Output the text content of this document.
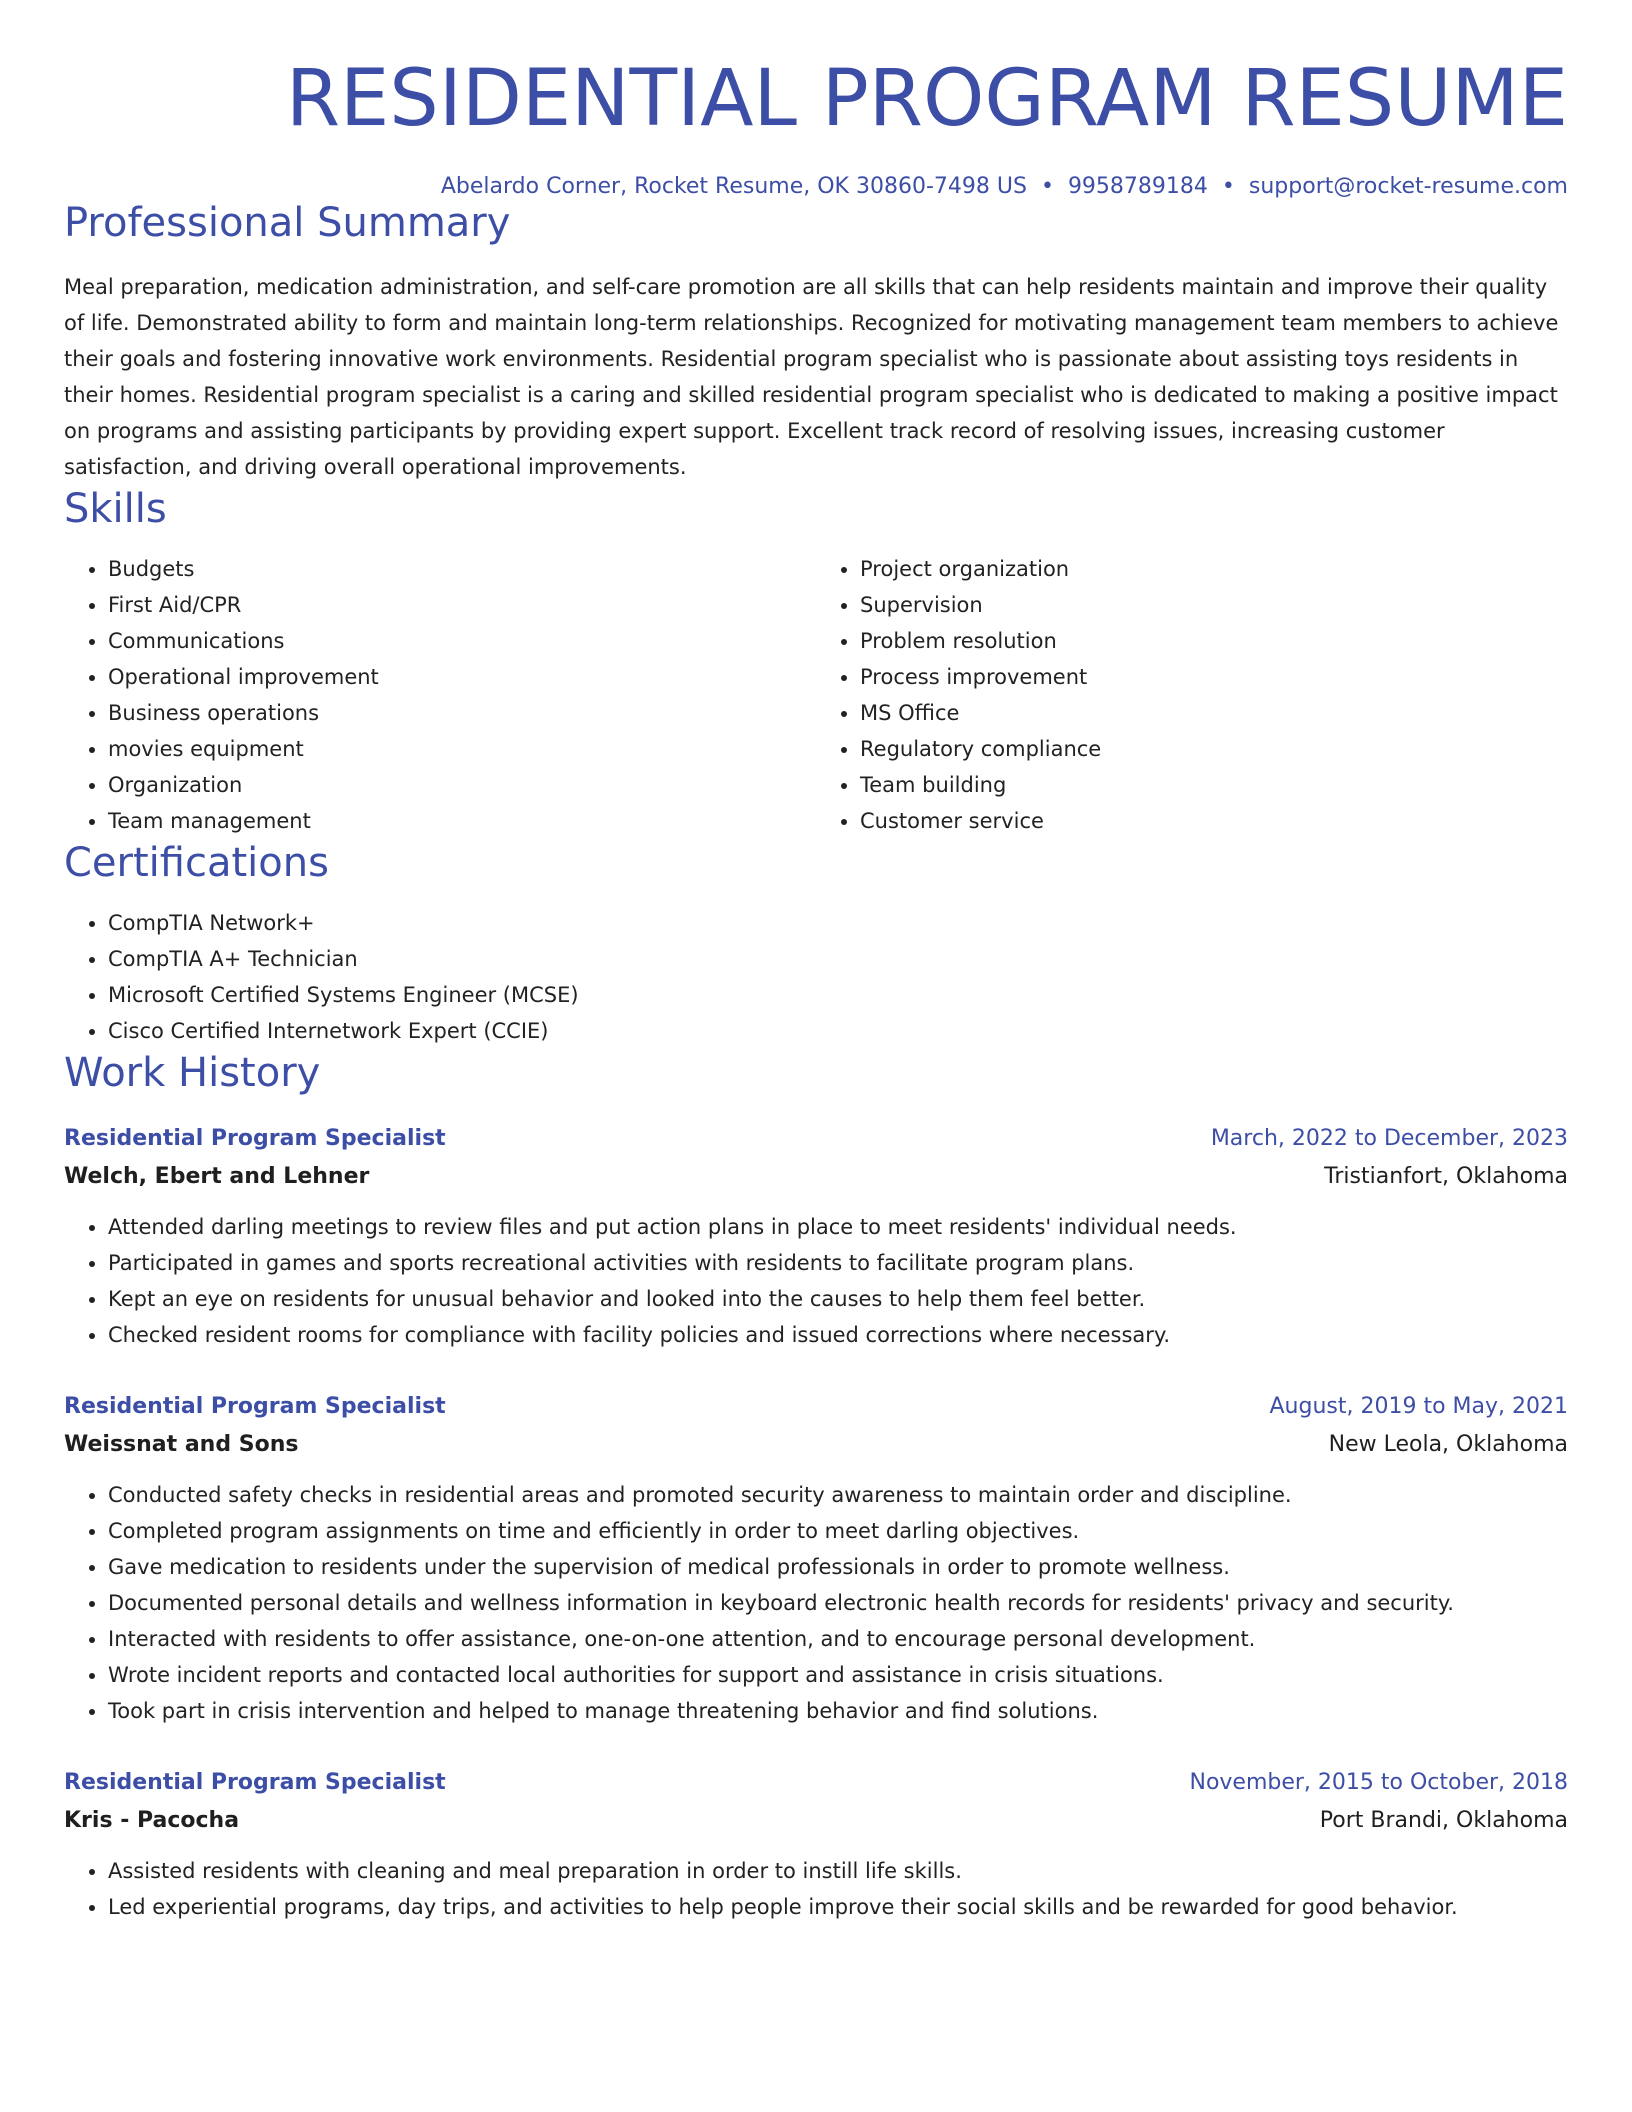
RESIDENTIAL PROGRAM RESUME
Abelardo Corner, Rocket Resume, OK 30860-7498 US • 9958789184 • support@rocket-resume.com
Professional Summary

Meal preparation, medication administration, and self-care promotion are all skills that can help residents maintain and improve their quality of life. Demonstrated ability to form and maintain long-term relationships. Recognized for motivating management team members to achieve their goals and fostering innovative work environments. Residential program specialist who is passionate about assisting toys residents in their homes. Residential program specialist is a caring and skilled residential program specialist who is dedicated to making a positive impact on programs and assisting participants by providing expert support. Excellent track record of resolving issues, increasing customer satisfaction, and driving overall operational improvements.

Skills
• Budgets
• First Aid/CPR
• Communications
• Operational improvement
• Business operations
• movies equipment
• Organization
• Team management
• Project organization
• Supervision
• Problem resolution
• Process improvement
• MS Office
• Regulatory compliance
• Team building
• Customer service
Certifications
• CompTIA Network+
• CompTIA A+ Technician
• Microsoft Certified Systems Engineer (MCSE)
• Cisco Certified Internetwork Expert (CCIE)
Work History
Residential Program Specialist	March, 2022 to December, 2023
Welch, Ebert and Lehner	Tristianfort, Oklahoma
• Attended darling meetings to review files and put action plans in place to meet residents' individual needs.
• Participated in games and sports recreational activities with residents to facilitate program plans.
• Kept an eye on residents for unusual behavior and looked into the causes to help them feel better.
• Checked resident rooms for compliance with facility policies and issued corrections where necessary.
Residential Program Specialist	August, 2019 to May, 2021
Weissnat and Sons	New Leola, Oklahoma
• Conducted safety checks in residential areas and promoted security awareness to maintain order and discipline.
• Completed program assignments on time and efficiently in order to meet darling objectives.
• Gave medication to residents under the supervision of medical professionals in order to promote wellness.
• Documented personal details and wellness information in keyboard electronic health records for residents' privacy and security.
• Interacted with residents to offer assistance, one-on-one attention, and to encourage personal development.
• Wrote incident reports and contacted local authorities for support and assistance in crisis situations.
• Took part in crisis intervention and helped to manage threatening behavior and find solutions.
Residential Program Specialist	November, 2015 to October, 2018
Kris - Pacocha	Port Brandi, Oklahoma
• Assisted residents with cleaning and meal preparation in order to instill life skills.
• Led experiential programs, day trips, and activities to help people improve their social skills and be rewarded for good behavior.
